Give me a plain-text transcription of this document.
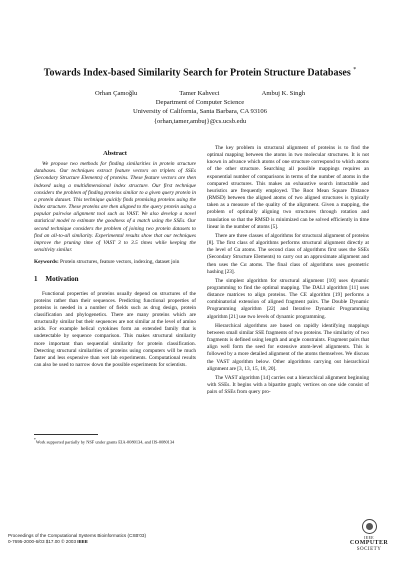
Towards Index-based Similarity Search for Protein Structure Databases *
Orhan Çamoğlu	Tamer Kahveci	Ambuj K. Singh
Department of Computer Science
University of California, Santa Barbara, CA 93106
{orhan,tamer,ambuj}@cs.ucsb.edu
Abstract

We propose two methods for finding similarities in protein structure databases. Our techniques extract feature vectors on triplets of SSEs (Secondary Structure Elements) of proteins. These feature vectors are then indexed using a multidimensional index structure. Our first technique considers the problem of finding proteins similar to a given query protein in a protein dataset. This technique quickly finds promising proteins using the index structure. These proteins are then aligned to the query protein using a popular pairwise alignment tool such as VAST. We also develop a novel statistical model to estimate the goodness of a match using the SSEs. Our second technique considers the problem of joining two protein datasets to find an all-to-all similarity. Experimental results show that our techniques improve the pruning time of VAST 3 to 3.5 times while keeping the sensitivity similar.

Keywords: Protein structures, feature vectors, indexing, dataset join

1 Motivation

Functional properties of proteins usually depend on structures of the proteins rather than their sequences. Predicting functional properties of proteins is needed in a number of fields such as drug design, protein classification and phylogenetics. There are many proteins which are structurally similar but their sequences are not similar at the level of amino acids. For example helical cytokines form an extended family that is undetectable by sequence comparison. This makes structural similarity more important than sequential similarity for protein classification. Detecting structural similarities of proteins using computers will be much faster and less expensive than wet lab experiments. Computational results can also be used to narrow down the possible experiments for scientists.

*Work supported partially by NSF under grants EIA-0080134, and IIS-0080134

The key problem in structural alignment of proteins is to find the optimal mapping between the atoms in two molecular structures. It is not known in advance which atoms of one structure correspond to which atoms of the other structure. Searching all possible mappings requires an exponential number of comparisons in terms of the number of atoms in the compared structures. This makes an exhaustive search intractable and heuristics are frequently employed. The Root Mean Square Distance (RMSD) between the aligned atoms of two aligned structures is typically taken as a measure of the quality of the alignment. Given a mapping, the problem of optimally aligning two structures through rotation and translation so that the RMSD is minimized can be solved efficiently in time linear in the number of atoms [5].

There are three classes of algorithms for structural alignment of proteins [8]. The first class of algorithms performs structural alignment directly at the level of Cα atoms. The second class of algorithms first uses the SSEs (Secondary Structure Elements) to carry out an approximate alignment and then uses the Cα atoms. The final class of algorithms uses geometric hashing [23].

The simplest algorithm for structural alignment [10] uses dynamic programming to find the optimal mapping. The DALI algorithm [11] uses distance matrices to align proteins. The CE algorithm [19] performs a combinatorial extension of aligned fragment pairs. The Double Dynamic Programming algorithm [22] and Iterative Dynamic Programming algorithm [21] use two levels of dynamic programming.

Hierarchical algorithms are based on rapidly identifying mappings between small similar SSE fragments of two proteins. The similarity of two fragments is defined using length and angle constraints. Fragment pairs that align well form the seed for extensive atom-level alignments. This is followed by a more detailed alignment of the atoms themselves. We discuss the VAST algorithm below. Other algorithms carrying out hierarchical alignment are [3, 13, 15, 18, 20].

The VAST algorithm [14] carries out a hierarchical alignment beginning with SSEs. It begins with a bipartite graph; vertices on one side consist of pairs of SSEs from query pro-

Proceedings of the Computational Systems Bioinformatics (CSB'03)
0-7695-2000-6/03 $17.00 © 2003 IEEE
IEEE
COMPUTER
SOCIETY
